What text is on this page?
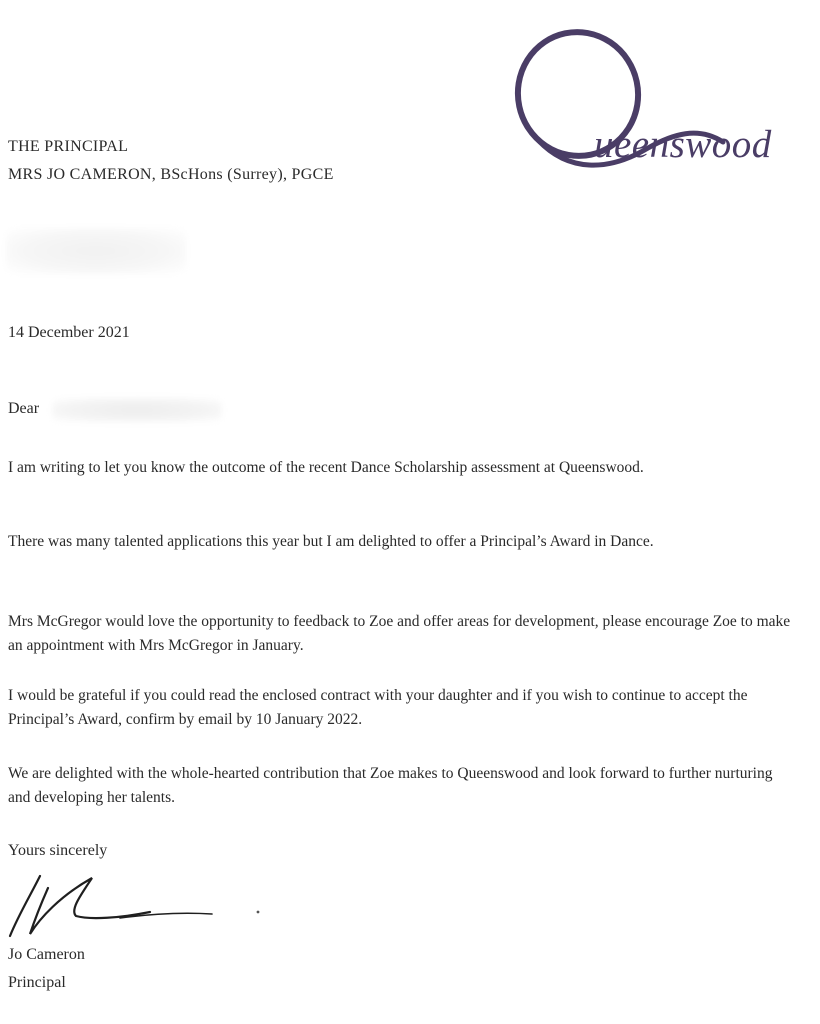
ueenswood
THE PRINCIPAL
MRS JO CAMERON, BScHons (Surrey), PGCE
14 December 2021
Dear

I am writing to let you know the outcome of the recent Dance Scholarship assessment at Queenswood.

There was many talented applications this year but I am delighted to offer a Principal’s Award in Dance.

Mrs McGregor would love the opportunity to feedback to Zoe and offer areas for development, please encourage Zoe to make an appointment with Mrs McGregor in January.

I would be grateful if you could read the enclosed contract with your daughter and if you wish to continue to accept the Principal’s Award, confirm by email by 10 January 2022.

We are delighted with the whole-hearted contribution that Zoe makes to Queenswood and look forward to further nurturing and developing her talents.

Yours sincerely
Jo Cameron
Principal
